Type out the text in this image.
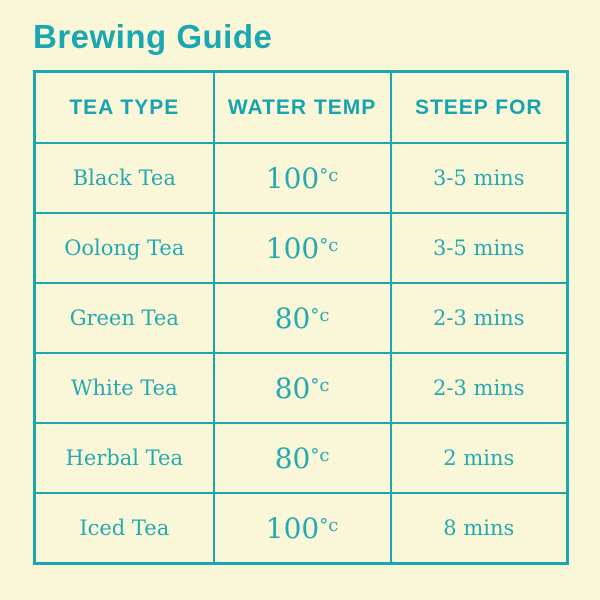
Brewing Guide
TEA TYPE	WATER TEMP	STEEP FOR
Black Tea	100°c	3-5 mins
Oolong Tea	100°c	3-5 mins
Green Tea	80°c	2-3 mins
White Tea	80°c	2-3 mins
Herbal Tea	80°c	2 mins
Iced Tea	100°c	8 mins
